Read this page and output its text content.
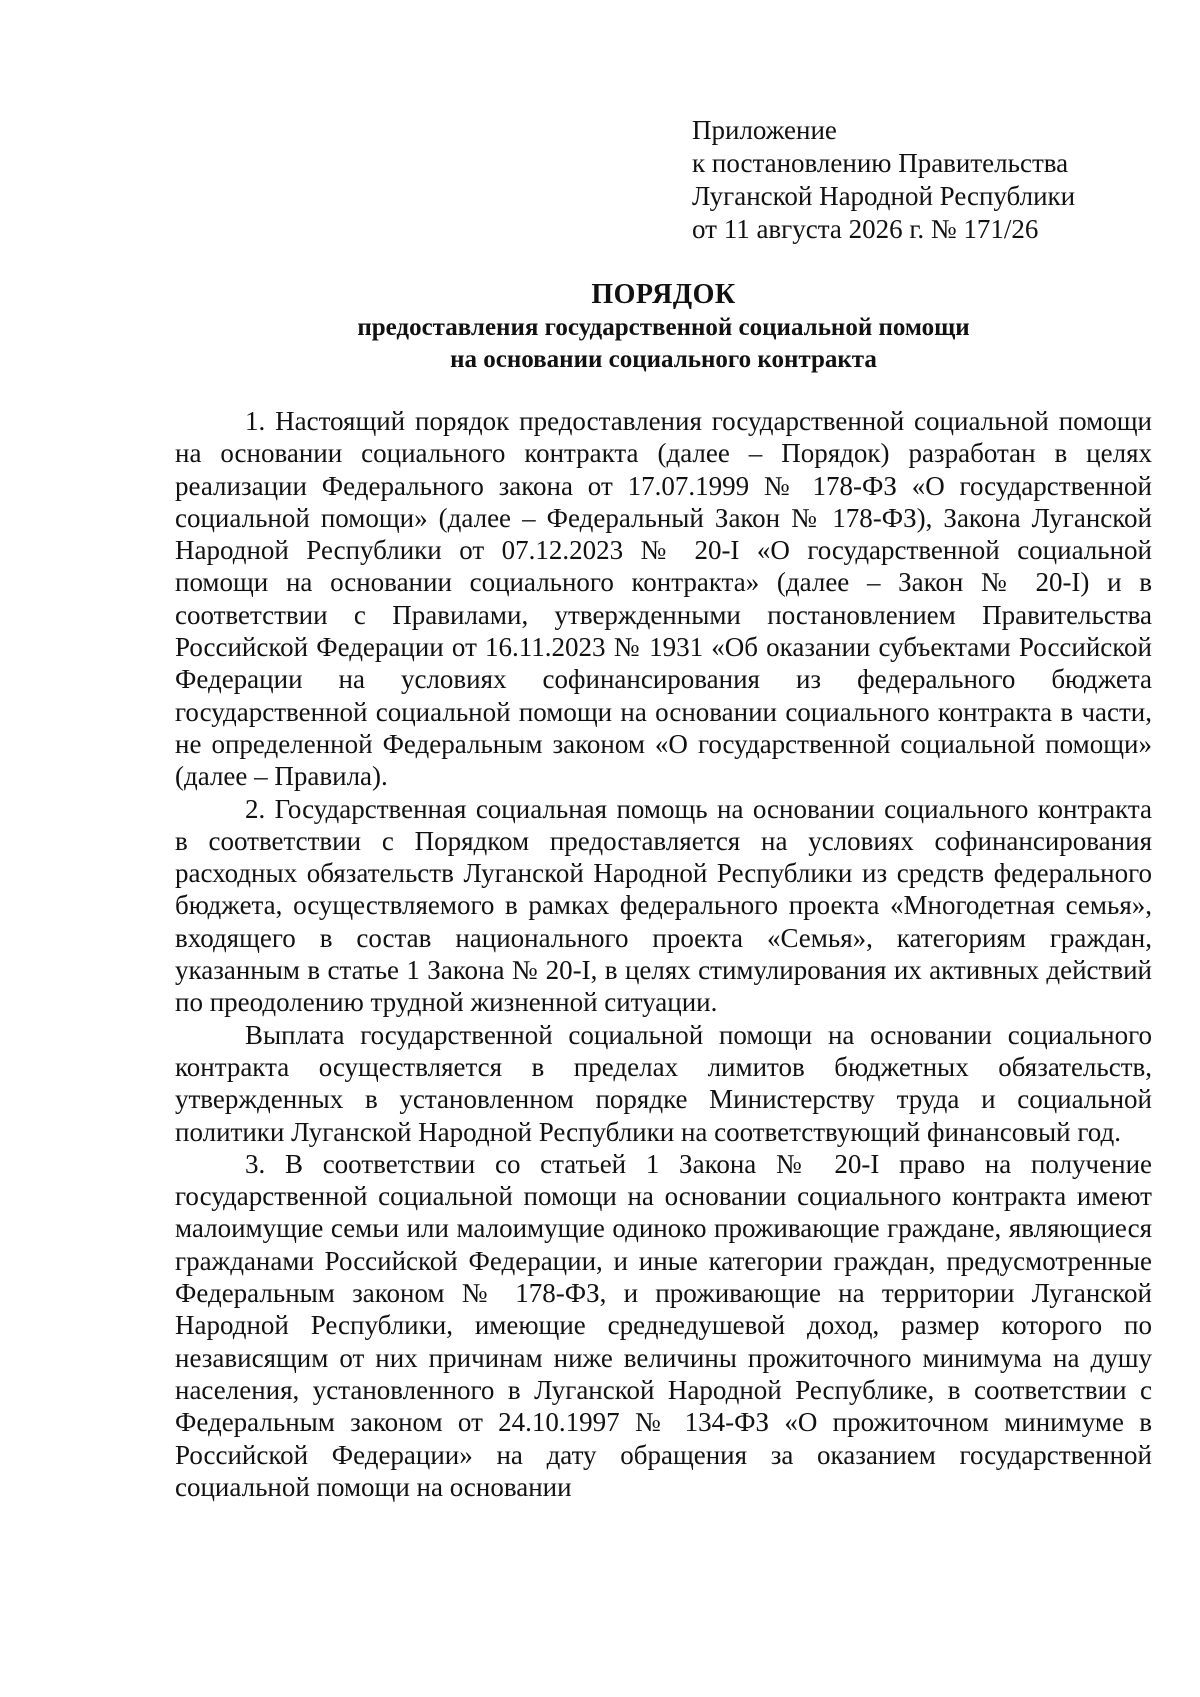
Приложение
к постановлению Правительства
Луганской Народной Республики
от 11 августа 2026 г. № 171/26
ПОРЯДОК
предоставления государственной социальной помощи
на основании социального контракта

1. Настоящий порядок предоставления государственной социальной помощи на основании социального контракта (далее – Порядок) разработан в целях реализации Федерального закона от 17.07.1999 № 178-ФЗ «О государственной социальной помощи» (далее – Федеральный Закон № 178-ФЗ), Закона Луганской Народной Республики от 07.12.2023 № 20-I «О государственной социальной помощи на основании социального контракта» (далее – Закон № 20-I) и в соответствии с Правилами, утвержденными постановлением Правительства Российской Федерации от 16.11.2023 № 1931 «Об оказании субъектами Российской Федерации на условиях софинансирования из федерального бюджета государственной социальной помощи на основании социального контракта в части, не определенной Федеральным законом «О государственной социальной помощи» (далее – Правила).

2. Государственная социальная помощь на основании социального контракта в соответствии с Порядком предоставляется на условиях софинансирования расходных обязательств Луганской Народной Республики из средств федерального бюджета, осуществляемого в рамках федерального проекта «Многодетная семья», входящего в состав национального проекта «Семья», категориям граждан, указанным в статье 1 Закона № 20-I, в целях стимулирования их активных действий по преодолению трудной жизненной ситуации.

Выплата государственной социальной помощи на основании социального контракта осуществляется в пределах лимитов бюджетных обязательств, утвержденных в установленном порядке Министерству труда и социальной политики Луганской Народной Республики на соответствующий финансовый год.

3. В соответствии со статьей 1 Закона № 20-I право на получение государственной социальной помощи на основании социального контракта имеют малоимущие семьи или малоимущие одиноко проживающие граждане, являющиеся гражданами Российской Федерации, и иные категории граждан, предусмотренные Федеральным законом № 178-ФЗ, и проживающие на территории Луганской Народной Республики, имеющие среднедушевой доход, размер которого по независящим от них причинам ниже величины прожиточного минимума на душу населения, установленного в Луганской Народной Республике, в соответствии с Федеральным законом от 24.10.1997 № 134-ФЗ «О прожиточном минимуме в Российской Федерации» на дату обращения за оказанием государственной социальной помощи на основании
